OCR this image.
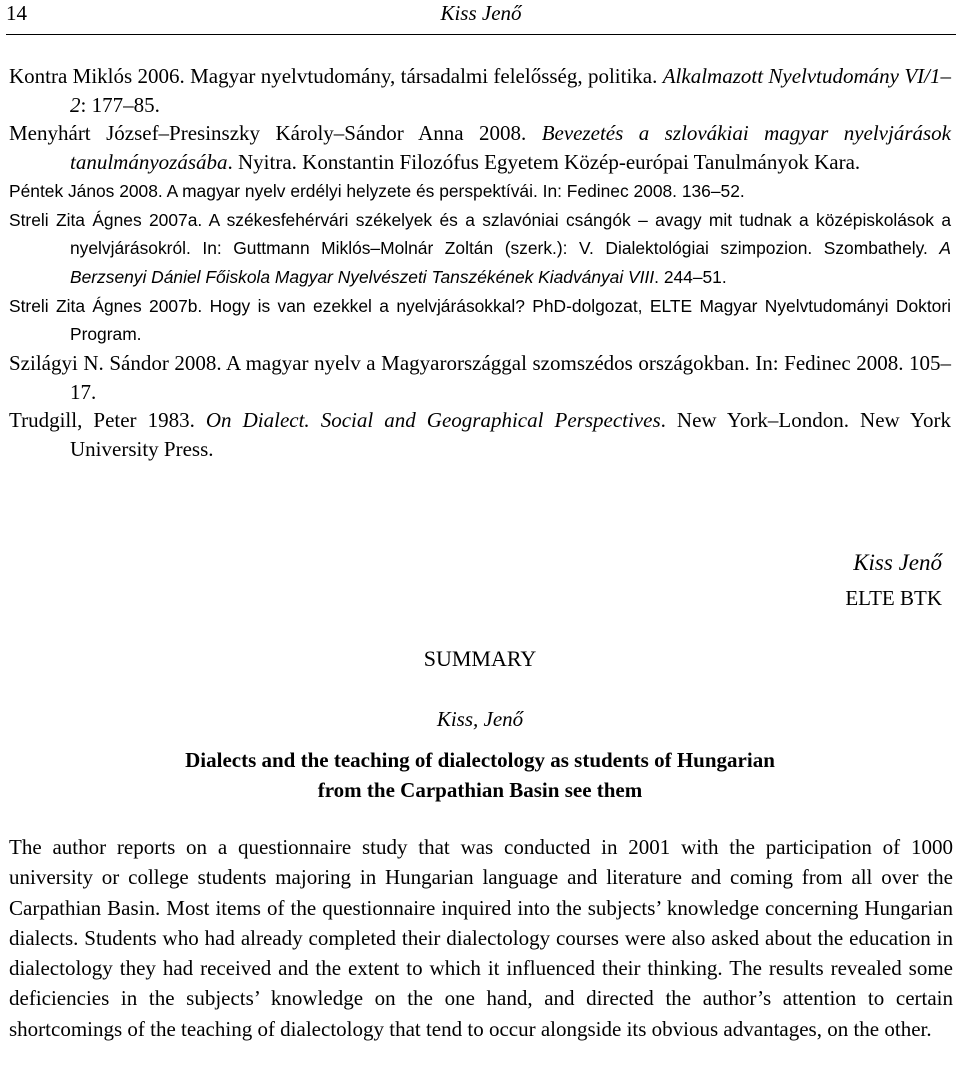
14	Kiss Jenő

Kontra Miklós 2006. Magyar nyelvtudomány, társadalmi felelősség, politika. Alkalmazott Nyelvtudomány VI/1–2: 177–85.

Menyhárt József–Presinszky Károly–Sándor Anna 2008. Bevezetés a szlovákiai magyar nyelvjárások tanulmányozásába. Nyitra. Konstantin Filozófus Egyetem Közép-európai Tanulmányok Kara.

Péntek János 2008. A magyar nyelv erdélyi helyzete és perspektívái. In: Fedinec 2008. 136–52.

Streli Zita Ágnes 2007a. A székesfehérvári székelyek és a szlavóniai csángók – avagy mit tudnak a középiskolások a nyelvjárásokról. In: Guttmann Miklós–Molnár Zoltán (szerk.): V. Dialektológiai szimpozion. Szombathely. A Berzsenyi Dániel Főiskola Magyar Nyelvészeti Tanszékének Kiadványai VIII. 244–51.

Streli Zita Ágnes 2007b. Hogy is van ezekkel a nyelvjárásokkal? PhD-dolgozat, ELTE Magyar Nyelvtudományi Doktori Program.

Szilágyi N. Sándor 2008. A magyar nyelv a Magyarországgal szomszédos országokban. In: Fedinec 2008. 105–17.

Trudgill, Peter 1983. On Dialect. Social and Geographical Perspectives. New York–London. New York University Press.

Kiss Jenő
ELTE BTK
SUMMARY
Kiss, Jenő
Dialects and the teaching of dialectology as students of Hungarian
from the Carpathian Basin see them

The author reports on a questionnaire study that was conducted in 2001 with the participation of 1000 university or college students majoring in Hungarian language and literature and coming from all over the Carpathian Basin. Most items of the questionnaire inquired into the subjects’ knowledge concerning Hungarian dialects. Students who had already completed their dialectology courses were also asked about the education in dialectology they had received and the extent to which it influenced their thinking. The results revealed some deficiencies in the subjects’ knowledge on the one hand, and directed the author’s attention to certain shortcomings of the teaching of dialectology that tend to occur alongside its obvious advantages, on the other.
